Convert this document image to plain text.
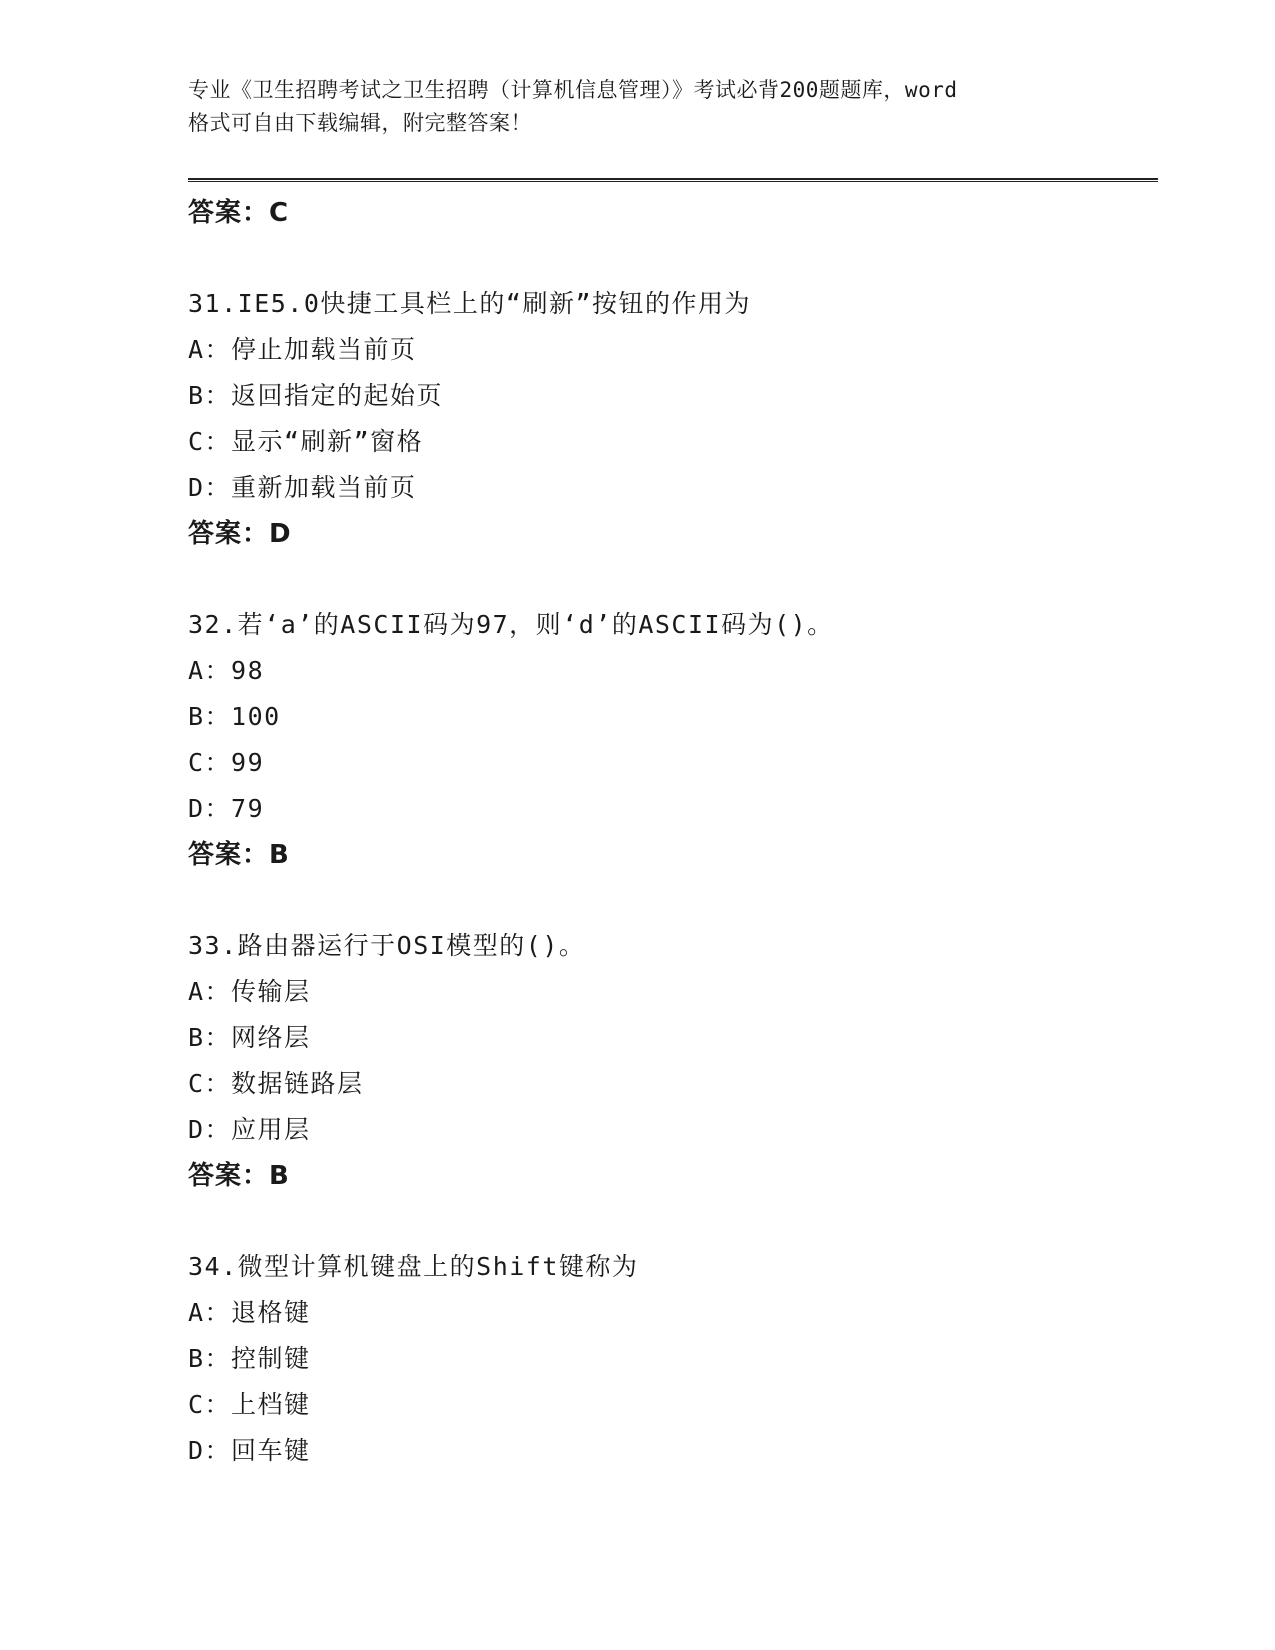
专业《卫生招聘考试之卫生招聘（计算机信息管理）》考试必背200题题库，word
格式可自由下载编辑，附完整答案！
答案：C
31.IE5.0快捷工具栏上的“刷新”按钮的作用为
A：停止加载当前页
B：返回指定的起始页
C：显示“刷新”窗格
D：重新加载当前页
答案：D
32.若‘a’的ASCII码为97，则‘d’的ASCII码为()。
A：98
B：100
C：99
D：79
答案：B
33.路由器运行于OSI模型的()。
A：传输层
B：网络层
C：数据链路层
D：应用层
答案：B
34.微型计算机键盘上的Shift键称为
A：退格键
B：控制键
C：上档键
D：回车键
